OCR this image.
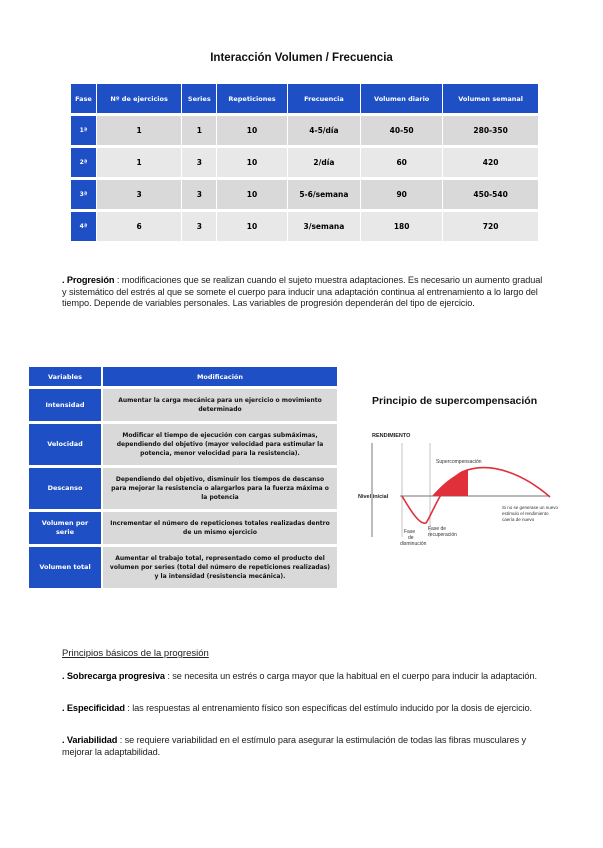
Interacción Volumen / Frecuencia
Fase	Nº de ejercicios	Series	Repeticiones	Frecuencia	Volumen diario	Volumen semanal
1ª	1	1	10	4-5/día	40-50	280-350
2ª	1	3	10	2/día	60	420
3ª	3	3	10	5-6/semana	90	450-540
4ª	6	3	10	3/semana	180	720
. Progresión : modificaciones que se realizan cuando el sujeto muestra adaptaciones. Es necesario un aumento gradual y sistemático del estrés al que se somete el cuerpo para inducir una adaptación continua al entrenamiento a lo largo del tiempo. Depende de variables personales. Las variables de progresión dependerán del tipo de ejercicio.
Variables	Modificación
Intensidad	Aumentar la carga mecánica para un ejercicio o movimiento determinado
Velocidad	Modificar el tiempo de ejecución con cargas submáximas, dependiendo del objetivo (mayor velocidad para estimular la potencia, menor velocidad para la resistencia).
Descanso	Dependiendo del objetivo, disminuir los tiempos de descanso para mejorar la resistencia o alargarlos para la fuerza máxima o la potencia
Volumen por serie	Incrementar el número de repeticiones totales realizadas dentro de un mismo ejercicio
Volumen total	Aumentar el trabajo total, representado como el producto del volumen por series (total del número de repeticiones realizadas) y la intensidad (resistencia mecánica).
Principio de supercompensación
RENDIMIENTO
Nivel inicial
Supercompensación
Fase
de
disminución
Fase de
recuperación
Si no se generase un nuevo
estímulo el rendimiento
caería de nuevo
Principios básicos de la progresión
. Sobrecarga progresiva : se necesita un estrés o carga mayor que la habitual en el cuerpo para inducir la adaptación.
. Especificidad : las respuestas al entrenamiento físico son específicas del estímulo inducido por la dosis de ejercicio.
. Variabilidad : se requiere variabilidad en el estímulo para asegurar la estimulación de todas las fibras musculares y mejorar la adaptabilidad.
